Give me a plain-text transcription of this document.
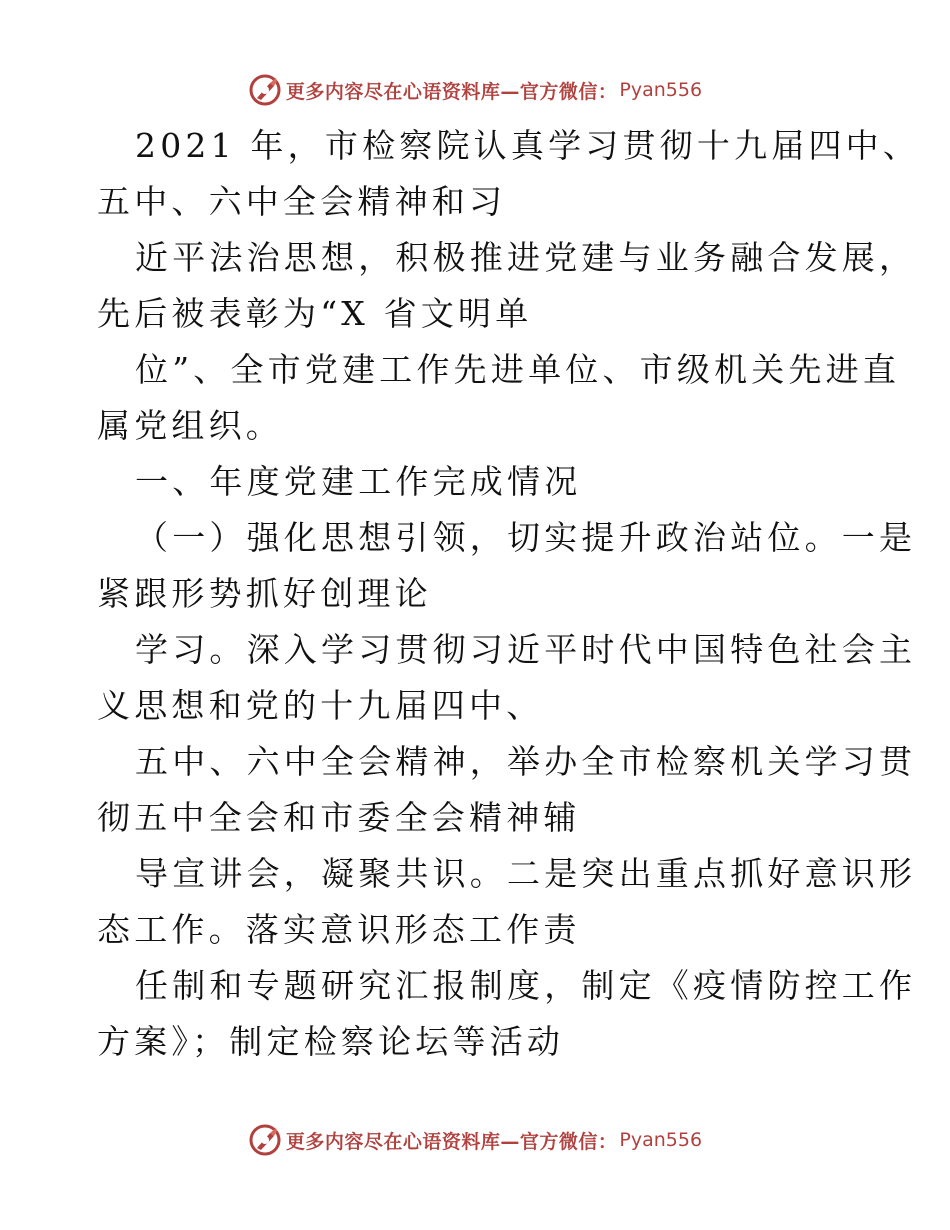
更多内容尽在心语资料库—官方微信： Pyan556

2021 年，市检察院认真学习贯彻十九届四中、
五中、六中全会精神和习

近平法治思想，积极推进党建与业务融合发展，
先后被表彰为“X 省文明单

位”、全市党建工作先进单位、市级机关先进直
属党组织。

一、年度党建工作完成情况

（一）强化思想引领，切实提升政治站位。一是
紧跟形势抓好创理论

学习。深入学习贯彻习近平时代中国特色社会主
义思想和党的十九届四中、

五中、六中全会精神，举办全市检察机关学习贯
彻五中全会和市委全会精神辅

导宣讲会，凝聚共识。二是突出重点抓好意识形
态工作。落实意识形态工作责

任制和专题研究汇报制度，制定《疫情防控工作
方案》；制定检察论坛等活动

更多内容尽在心语资料库—官方微信： Pyan556
